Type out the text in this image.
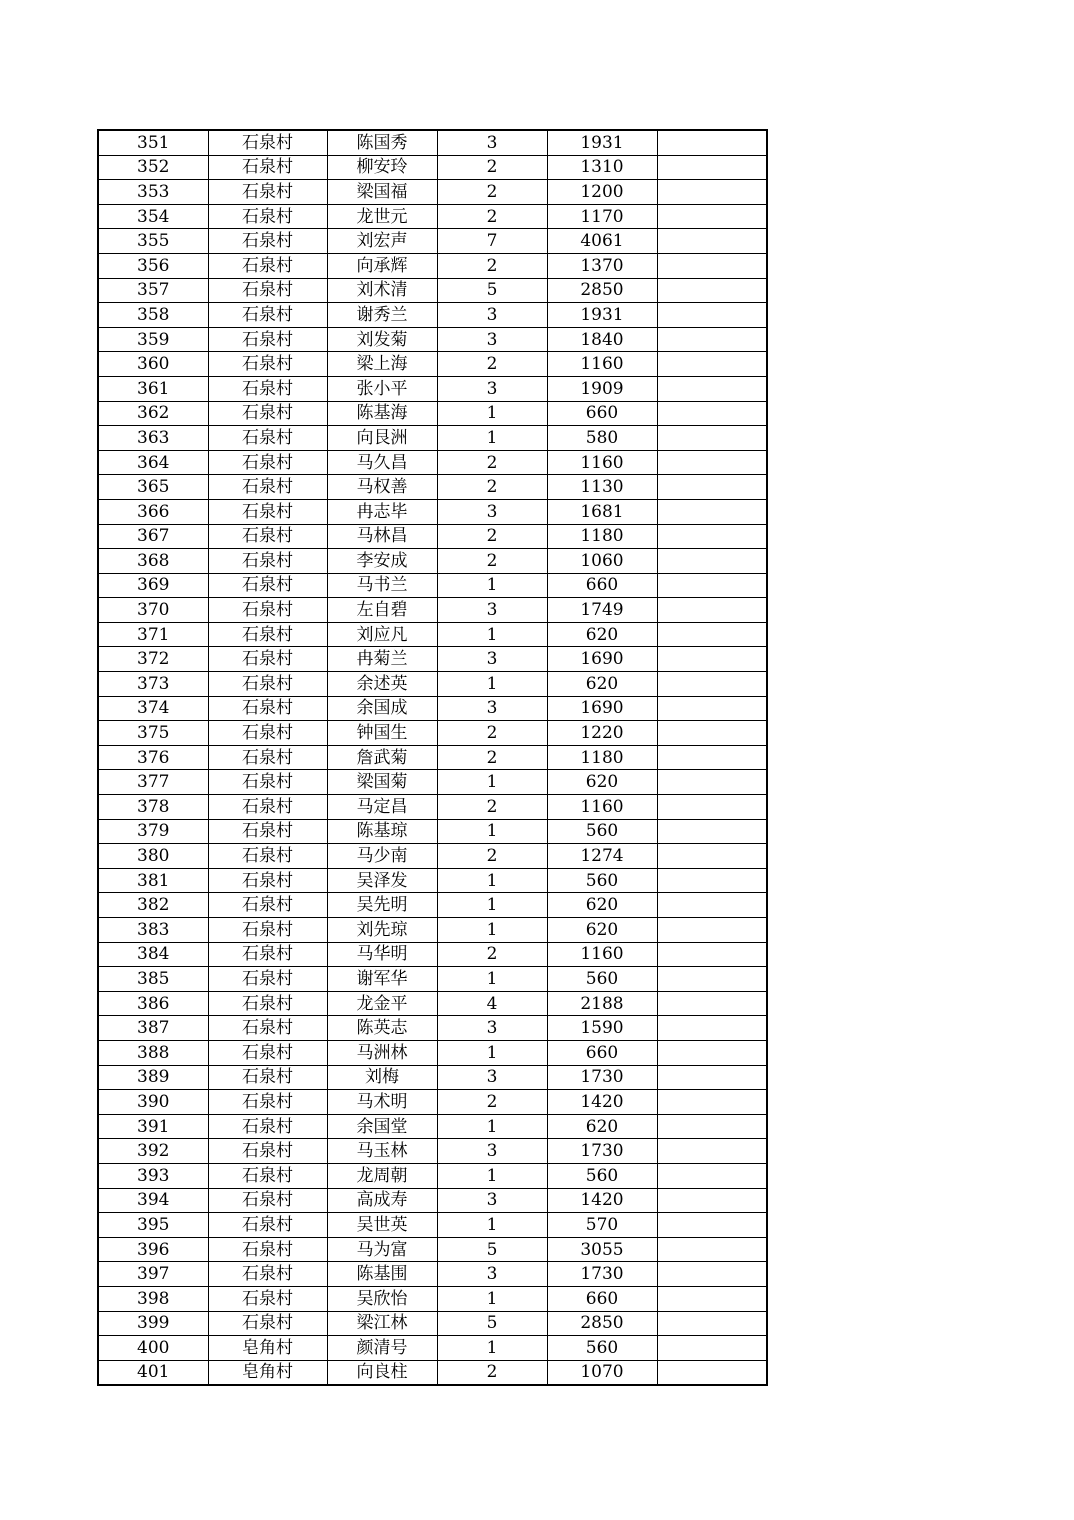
351	石泉村	陈国秀	3	1931	
352	石泉村	柳安玲	2	1310	
353	石泉村	梁国福	2	1200	
354	石泉村	龙世元	2	1170	
355	石泉村	刘宏声	7	4061	
356	石泉村	向承辉	2	1370	
357	石泉村	刘术清	5	2850	
358	石泉村	谢秀兰	3	1931	
359	石泉村	刘发菊	3	1840	
360	石泉村	梁上海	2	1160	
361	石泉村	张小平	3	1909	
362	石泉村	陈基海	1	660	
363	石泉村	向艮洲	1	580	
364	石泉村	马久昌	2	1160	
365	石泉村	马权善	2	1130	
366	石泉村	冉志毕	3	1681	
367	石泉村	马林昌	2	1180	
368	石泉村	李安成	2	1060	
369	石泉村	马书兰	1	660	
370	石泉村	左自碧	3	1749	
371	石泉村	刘应凡	1	620	
372	石泉村	冉菊兰	3	1690	
373	石泉村	余述英	1	620	
374	石泉村	余国成	3	1690	
375	石泉村	钟国生	2	1220	
376	石泉村	詹武菊	2	1180	
377	石泉村	梁国菊	1	620	
378	石泉村	马定昌	2	1160	
379	石泉村	陈基琼	1	560	
380	石泉村	马少南	2	1274	
381	石泉村	吴泽发	1	560	
382	石泉村	吴先明	1	620	
383	石泉村	刘先琼	1	620	
384	石泉村	马华明	2	1160	
385	石泉村	谢军华	1	560	
386	石泉村	龙金平	4	2188	
387	石泉村	陈英志	3	1590	
388	石泉村	马洲林	1	660	
389	石泉村	刘梅	3	1730	
390	石泉村	马术明	2	1420	
391	石泉村	余国堂	1	620	
392	石泉村	马玉林	3	1730	
393	石泉村	龙周朝	1	560	
394	石泉村	高成寿	3	1420	
395	石泉村	吴世英	1	570	
396	石泉村	马为富	5	3055	
397	石泉村	陈基围	3	1730	
398	石泉村	吴欣怡	1	660	
399	石泉村	梁江林	5	2850	
400	皂角村	颜清号	1	560	
401	皂角村	向良柱	2	1070	
